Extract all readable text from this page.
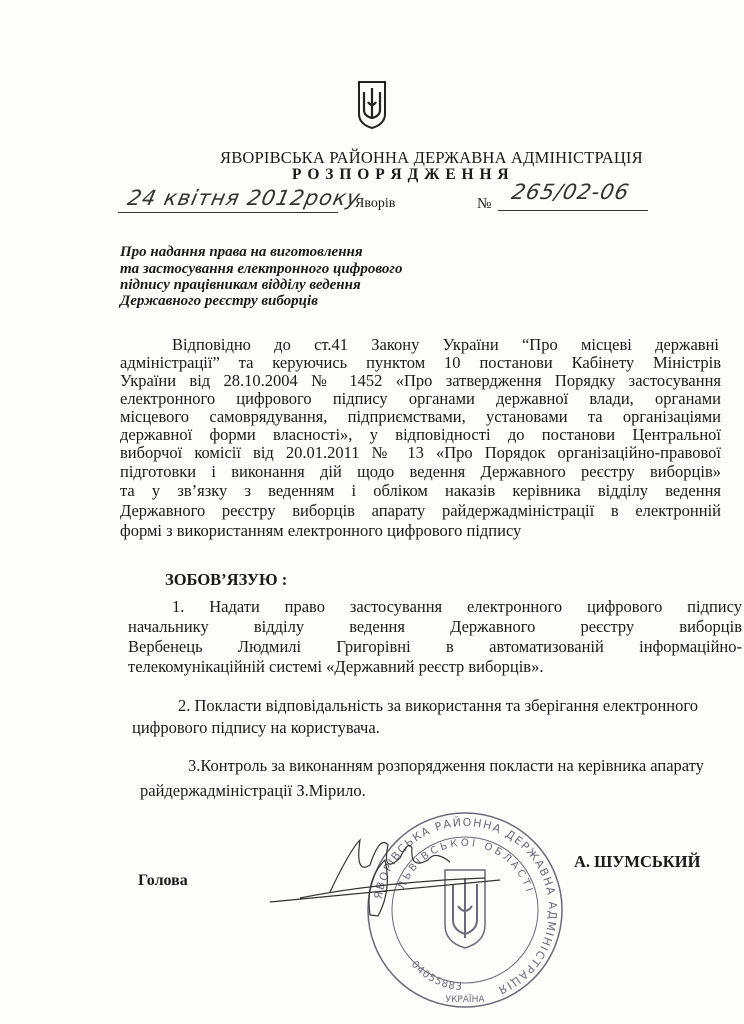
ЯВОРІВСЬКА РАЙОННА ДЕРЖАВНА АДМІНІСТРАЦІЯ
Р О З П О Р Я Д Ж Е Н Н Я
24 квітня 2012року
Яворів	№ 265/02-06
Про надання права на виготовлення
та застосування електронного цифрового
підпису працівникам відділу ведення
Державного реєстру виборців
Відповідно до ст.41 Закону України “Про місцеві державні
адміністрації” та керуючись пунктом 10 постанови Кабінету Міністрів
України від 28.10.2004 № 1452 «Про затвердження Порядку застосування
електронного цифрового підпису органами державної влади, органами
місцевого самоврядування, підприємствами, установами та організаціями
державної форми власності», у відповідності до постанови Центральної
виборчої комісії від 20.01.2011 № 13 «Про Порядок організаційно-правової
підготовки і виконання дій щодо ведення Державного реєстру виборців»
та у зв’язку з веденням і обліком наказів керівника відділу ведення
Державного реєстру виборців апарату райдержадміністрації в електронній
формі з використанням електронного цифрового підпису
ЗОБОВ’ЯЗУЮ :
1. Надати право застосування електронного цифрового підпису
начальнику відділу ведення Державного реєстру виборців
Вербенець Людмилі Григорівні в автоматизованій інформаційно-
телекомунікаційній системі «Державний реєстр виборців».
2. Покласти відповідальність за використання та зберігання електронного
цифрового підпису на користувача.
3.Контроль за виконанням розпорядження покласти на керівника апарату
райдержадміністрації З.Мірило.
Голова
А. ШУМСЬКИЙ
ЯВОРІВСЬКА РАЙОННА ДЕРЖАВНА АДМІНІСТРАЦІЯ
ЛЬВІВСЬКОЇ ОБЛАСТІ
04055883
УКРАЇНА
